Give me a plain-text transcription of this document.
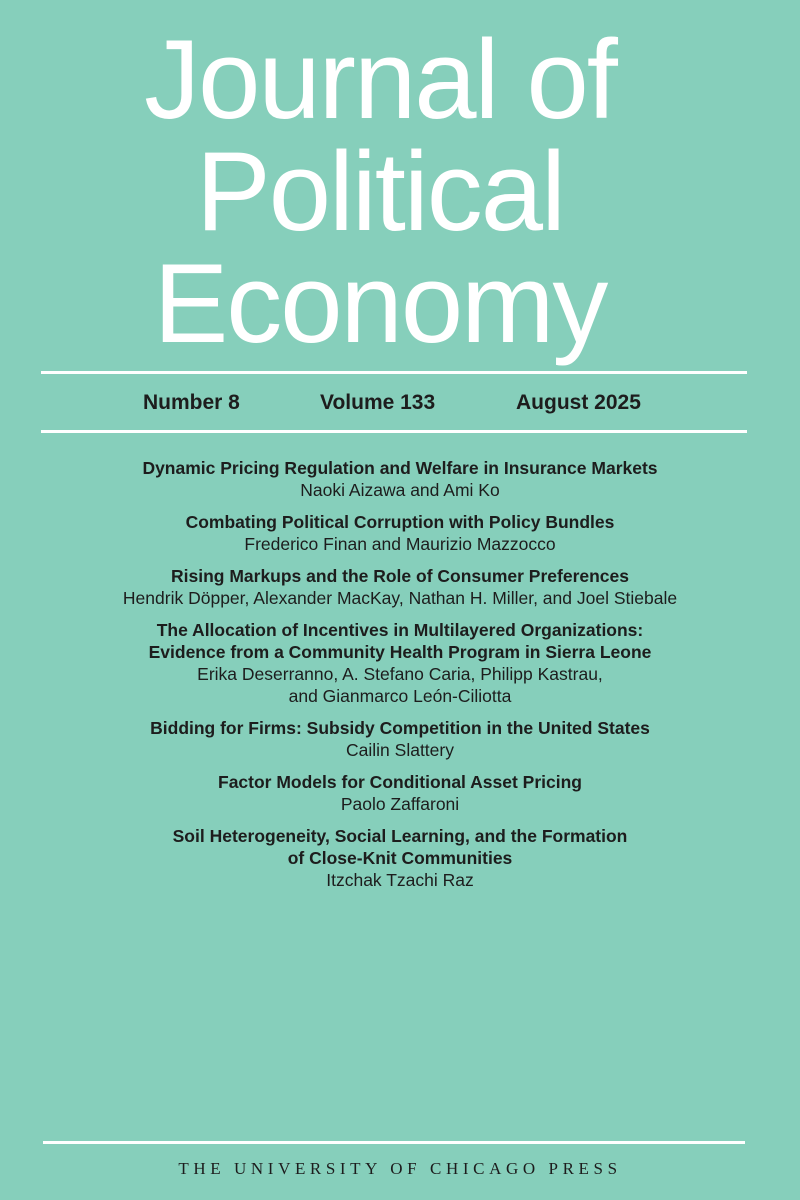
Journal of
Political
Economy
Number 8	Volume 133	August 2025
Dynamic Pricing Regulation and Welfare in Insurance Markets
Naoki Aizawa and Ami Ko
Combating Political Corruption with Policy Bundles
Frederico Finan and Maurizio Mazzocco
Rising Markups and the Role of Consumer Preferences
Hendrik Döpper, Alexander MacKay, Nathan H. Miller, and Joel Stiebale
The Allocation of Incentives in Multilayered Organizations:
Evidence from a Community Health Program in Sierra Leone
Erika Deserranno, A. Stefano Caria, Philipp Kastrau,
and Gianmarco León-Ciliotta
Bidding for Firms: Subsidy Competition in the United States
Cailin Slattery
Factor Models for Conditional Asset Pricing
Paolo Zaffaroni
Soil Heterogeneity, Social Learning, and the Formation
of Close-Knit Communities
Itzchak Tzachi Raz
THE UNIVERSITY OF CHICAGO PRESS
